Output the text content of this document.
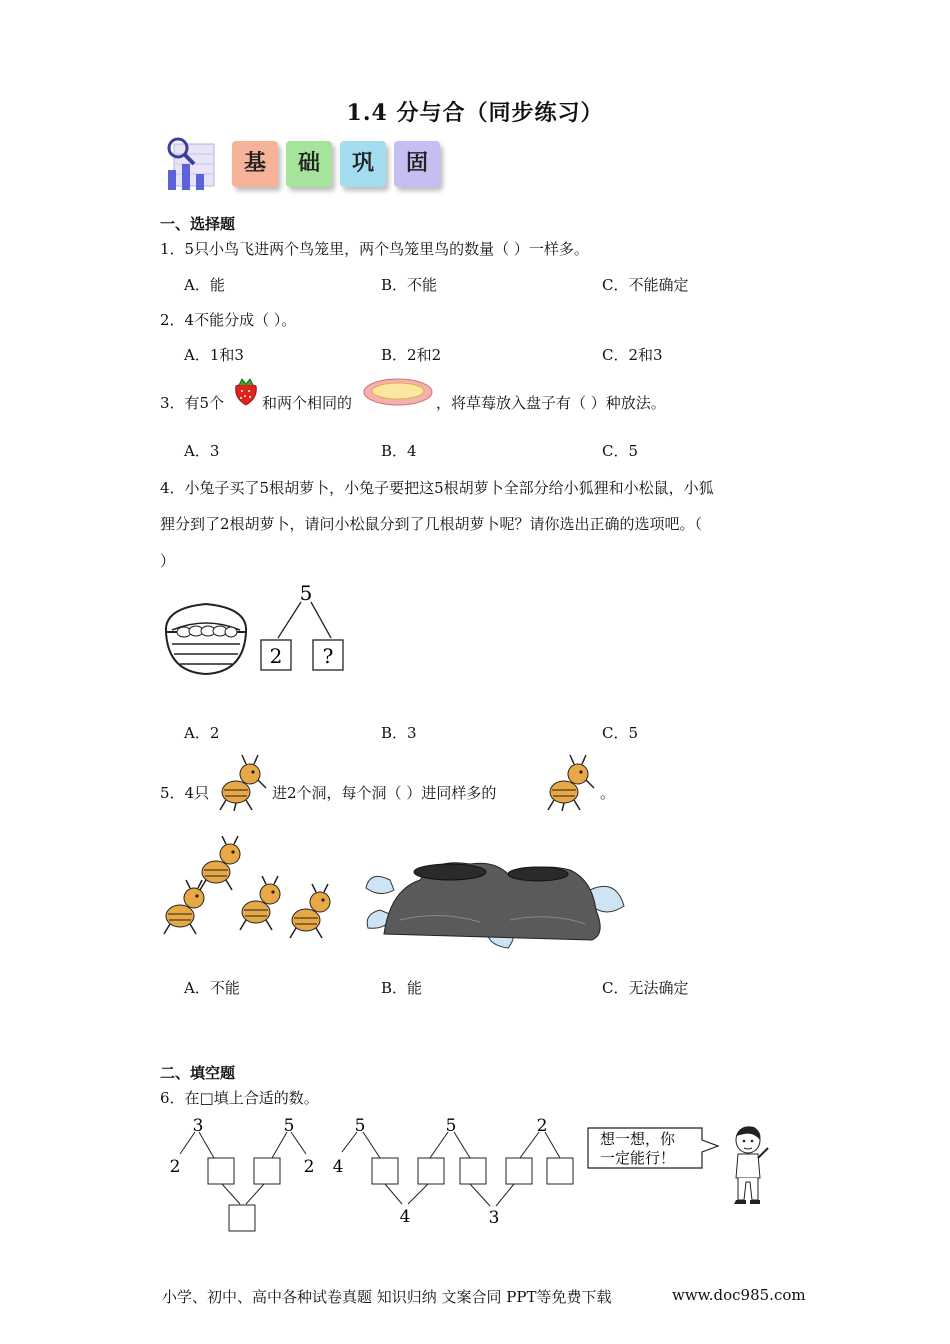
1.4 分与合（同步练习）
基	础	巩	固
一、选择题
1．5只小鸟飞进两个鸟笼里，两个鸟笼里鸟的数量（ ）一样多。
A．能	B．不能	C．不能确定
2．4不能分成（ ）。
A．1和3	B．2和2	C．2和3
3．有5个	和两个相同的	，将草莓放入盘子有（ ）种放法。
A．3	B．4	C．5
4．小兔子买了5根胡萝卜，小兔子要把这5根胡萝卜全部分给小狐狸和小松鼠，小狐
狸分到了2根胡萝卜，请问小松鼠分到了几根胡萝卜呢？请你选出正确的选项吧。（
）
5
2 ?
A．2	B．3	C．5
5．4只	进2个洞，每个洞（ ）进同样多的	。
A．不能	B．能	C．无法确定
二、填空题
6．在□填上合适的数。
3	5
2	2
5	5	2
4
4	3
想一想，你
一定能行！
小学、初中、高中各种试卷真题 知识归纳 文案合同 PPT等免费下载	www.doc985.com
